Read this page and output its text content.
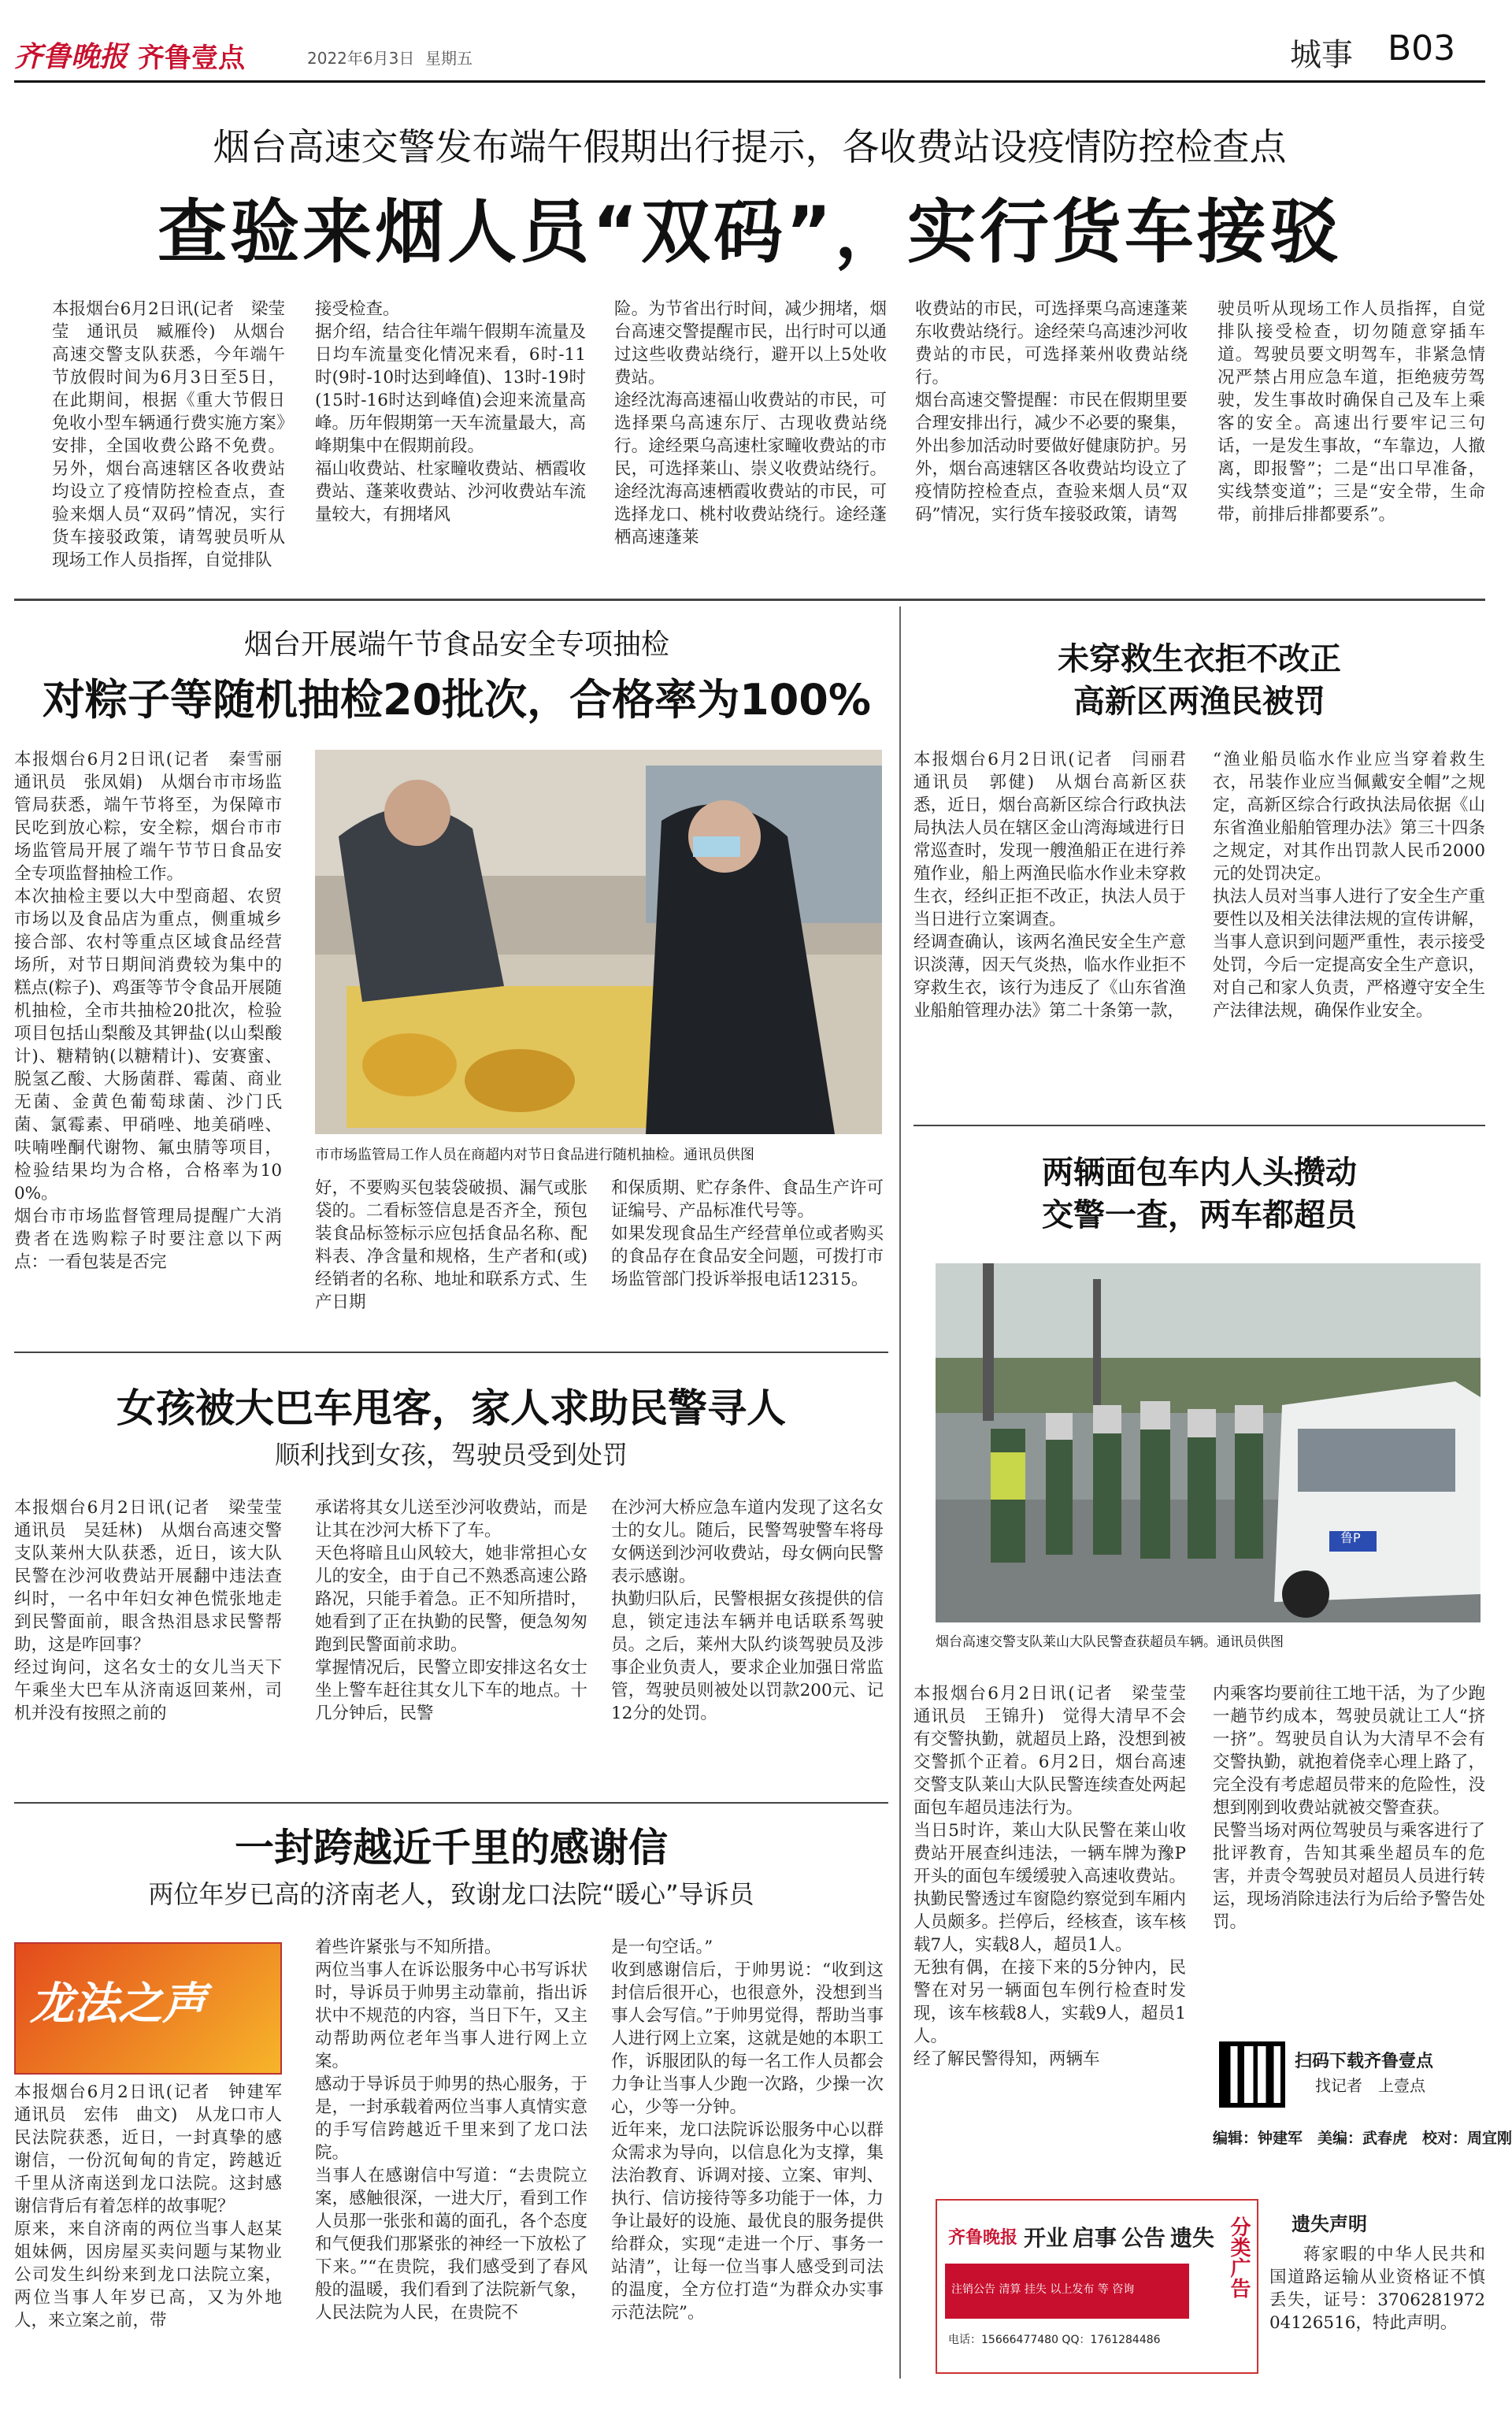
齐鲁晚报 齐鲁壹点	2022年6月3日 星期五	城事 B03
烟台高速交警发布端午假期出行提示，各收费站设疫情防控检查点
查验来烟人员“双码”，实行货车接驳
本报烟台6月2日讯(记者　梁莹莹　通讯员　臧雁伶)　从烟台高速交警支队获悉，今年端午节放假时间为6月3日至5日，在此期间，根据《重大节假日免收小型车辆通行费实施方案》安排，全国收费公路不免费。另外，烟台高速辖区各收费站均设立了疫情防控检查点，查验来烟人员“双码”情况，实行货车接驳政策，请驾驶员听从现场工作人员指挥，自觉排队
接受检查。
据介绍，结合往年端午假期车流量及日均车流量变化情况来看，6时-11时(9时-10时达到峰值)、13时-19时(15时-16时达到峰值)会迎来流量高峰。历年假期第一天车流量最大，高峰期集中在假期前段。
福山收费站、杜家疃收费站、栖霞收费站、蓬莱收费站、沙河收费站车流量较大，有拥堵风
险。为节省出行时间，减少拥堵，烟台高速交警提醒市民，出行时可以通过这些收费站绕行，避开以上5处收费站。
途经沈海高速福山收费站的市民，可选择栗乌高速东厅、古现收费站绕行。途经栗乌高速杜家疃收费站的市民，可选择莱山、崇义收费站绕行。途经沈海高速栖霞收费站的市民，可选择龙口、桃村收费站绕行。途经蓬栖高速蓬莱
收费站的市民，可选择栗乌高速蓬莱东收费站绕行。途经荣乌高速沙河收费站的市民，可选择莱州收费站绕行。
烟台高速交警提醒：市民在假期里要合理安排出行，减少不必要的聚集，外出参加活动时要做好健康防护。另外，烟台高速辖区各收费站均设立了疫情防控检查点，查验来烟人员“双码”情况，实行货车接驳政策，请驾
驶员听从现场工作人员指挥，自觉排队接受检查，切勿随意穿插车道。驾驶员要文明驾车，非紧急情况严禁占用应急车道，拒绝疲劳驾驶，发生事故时确保自己及车上乘客的安全。高速出行要牢记三句话，一是发生事故，“车靠边，人撤离，即报警”；二是“出口早准备，实线禁变道”；三是“安全带，生命带，前排后排都要系”。
烟台开展端午节食品安全专项抽检
对粽子等随机抽检20批次，合格率为100%
本报烟台6月2日讯(记者　秦雪丽　通讯员　张凤娟)　从烟台市市场监管局获悉，端午节将至，为保障市民吃到放心粽，安全粽，烟台市市场监管局开展了端午节节日食品安全专项监督抽检工作。
本次抽检主要以大中型商超、农贸市场以及食品店为重点，侧重城乡接合部、农村等重点区域食品经营场所，对节日期间消费较为集中的糕点(粽子)、鸡蛋等节令食品开展随机抽检，全市共抽检20批次，检验项目包括山梨酸及其钾盐(以山梨酸计)、糖精钠(以糖精计)、安赛蜜、脱氢乙酸、大肠菌群、霉菌、商业无菌、金黄色葡萄球菌、沙门氏菌、氯霉素、甲硝唑、地美硝唑、呋喃唑酮代谢物、氟虫腈等项目，检验结果均为合格，合格率为100%。
烟台市市场监督管理局提醒广大消费者在选购粽子时要注意以下两点：一看包装是否完
市市场监管局工作人员在商超内对节日食品进行随机抽检。通讯员供图
好，不要购买包装袋破损、漏气或胀袋的。二看标签信息是否齐全，预包装食品标签标示应包括食品名称、配料表、净含量和规格，生产者和(或)经销者的名称、地址和联系方式、生产日期
和保质期、贮存条件、食品生产许可证编号、产品标准代号等。
如果发现食品生产经营单位或者购买的食品存在食品安全问题，可拨打市场监管部门投诉举报电话12315。
未穿救生衣拒不改正
高新区两渔民被罚
本报烟台6月2日讯(记者　闫丽君　通讯员　郭健)　从烟台高新区获悉，近日，烟台高新区综合行政执法局执法人员在辖区金山湾海域进行日常巡查时，发现一艘渔船正在进行养殖作业，船上两渔民临水作业未穿救生衣，经纠正拒不改正，执法人员于当日进行立案调查。
经调查确认，该两名渔民安全生产意识淡薄，因天气炎热，临水作业拒不穿救生衣，该行为违反了《山东省渔业船舶管理办法》第二十条第一款，
“渔业船员临水作业应当穿着救生衣，吊装作业应当佩戴安全帽”之规定，高新区综合行政执法局依据《山东省渔业船舶管理办法》第三十四条之规定，对其作出罚款人民币2000元的处罚决定。
执法人员对当事人进行了安全生产重要性以及相关法律法规的宣传讲解，当事人意识到问题严重性，表示接受处罚，今后一定提高安全生产意识，对自己和家人负责，严格遵守安全生产法律法规，确保作业安全。
两辆面包车内人头攒动
交警一查，两车都超员
鲁P
烟台高速交警支队莱山大队民警查获超员车辆。通讯员供图
本报烟台6月2日讯(记者　梁莹莹　通讯员　王锦升)　觉得大清早不会有交警执勤，就超员上路，没想到被交警抓个正着。6月2日，烟台高速交警支队莱山大队民警连续查处两起面包车超员违法行为。
当日5时许，莱山大队民警在莱山收费站开展查纠违法，一辆车牌为豫P开头的面包车缓缓驶入高速收费站。执勤民警透过车窗隐约察觉到车厢内人员颇多。拦停后，经核查，该车核载7人，实载8人，超员1人。
无独有偶，在接下来的5分钟内，民警在对另一辆面包车例行检查时发现，该车核载8人，实载9人，超员1人。
经了解民警得知，两辆车
内乘客均要前往工地干活，为了少跑一趟节约成本，驾驶员就让工人“挤一挤”。驾驶员自认为大清早不会有交警执勤，就抱着侥幸心理上路了，完全没有考虑超员带来的危险性，没想到刚到收费站就被交警查获。
民警当场对两位驾驶员与乘客进行了批评教育，告知其乘坐超员车的危害，并责令驾驶员对超员人员进行转运，现场消除违法行为后给予警告处罚。
扫码下载齐鲁壹点
找记者　上壹点
编辑：钟建军　美编：武春虎　校对：周宜刚
女孩被大巴车甩客，家人求助民警寻人
顺利找到女孩，驾驶员受到处罚
本报烟台6月2日讯(记者　梁莹莹　通讯员　吴廷林)　从烟台高速交警支队莱州大队获悉，近日，该大队民警在沙河收费站开展翻中违法查纠时，一名中年妇女神色慌张地走到民警面前，眼含热泪恳求民警帮助，这是咋回事？
经过询问，这名女士的女儿当天下午乘坐大巴车从济南返回莱州，司机并没有按照之前的
承诺将其女儿送至沙河收费站，而是让其在沙河大桥下了车。
天色将暗且山风较大，她非常担心女儿的安全，由于自己不熟悉高速公路路况，只能手着急。正不知所措时，她看到了正在执勤的民警，便急匆匆跑到民警面前求助。
掌握情况后，民警立即安排这名女士坐上警车赶往其女儿下车的地点。十几分钟后，民警
在沙河大桥应急车道内发现了这名女士的女儿。随后，民警驾驶警车将母女俩送到沙河收费站，母女俩向民警表示感谢。
执勤归队后，民警根据女孩提供的信息，锁定违法车辆并电话联系驾驶员。之后，莱州大队约谈驾驶员及涉事企业负责人，要求企业加强日常监管，驾驶员则被处以罚款200元、记12分的处罚。
一封跨越近千里的感谢信
两位年岁已高的济南老人，致谢龙口法院“暖心”导诉员
龙法之声
本报烟台6月2日讯(记者　钟建军　通讯员　宏伟　曲文)　从龙口市人民法院获悉，近日，一封真挚的感谢信，一份沉甸甸的肯定，跨越近千里从济南送到龙口法院。这封感谢信背后有着怎样的故事呢？
原来，来自济南的两位当事人赵某姐妹俩，因房屋买卖问题与某物业公司发生纠纷来到龙口法院立案，两位当事人年岁已高，又为外地人，来立案之前，带
着些许紧张与不知所措。
两位当事人在诉讼服务中心书写诉状时，导诉员于帅男主动靠前，指出诉状中不规范的内容，当日下午，又主动帮助两位老年当事人进行网上立案。
感动于导诉员于帅男的热心服务，于是，一封承载着两位当事人真情实意的手写信跨越近千里来到了龙口法院。
当事人在感谢信中写道：“去贵院立案，感触很深，一进大厅，看到工作人员那一张张和蔼的面孔，各个态度和气便我们那紧张的神经一下放松了下来。”“在贵院，我们感受到了春风般的温暖，我们看到了法院新气象，人民法院为人民，在贵院不
是一句空话。”
收到感谢信后，于帅男说：“收到这封信后很开心，也很意外，没想到当事人会写信。”于帅男觉得，帮助当事人进行网上立案，这就是她的本职工作，诉服团队的每一名工作人员都会力争让当事人少跑一次路，少操一次心，少等一分钟。
近年来，龙口法院诉讼服务中心以群众需求为导向，以信息化为支撑，集法治教育、诉调对接、立案、审判、执行、信访接待等多功能于一体，力争让最好的设施、最优良的服务提供给群众，实现“走进一个厅、事务一站清”，让每一位当事人感受到司法的温度，全方位打造“为群众办实事示范法院”。
齐鲁晚报 开业 启事 公告 遗失
注销公告 清算 挂失 以上发布 等 咨询
电话：15666477480 QQ：1761284486
分类广告 遗失声明
蒋家暇的中华人民共和国道路运输从业资格证不慎丢失，证号：370628197204126516，特此声明。
